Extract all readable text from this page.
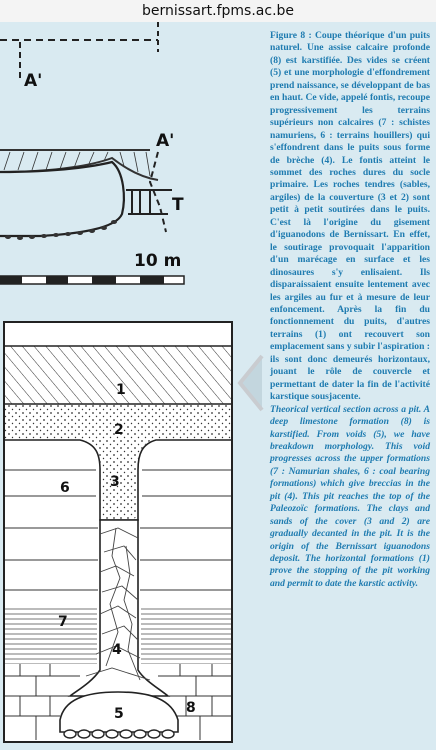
bernissart.fpms.ac.be
A'
A'
T
10 m
1
2
3
4
5
6
7
8

Figure 8 : Coupe théorique d'un puits naturel. Une assise calcaire profonde (8) est karstifiée. Des vides se créent (5) et une morphologie d'effondrement prend naissance, se développant de bas en haut. Ce vide, appelé fontis, recoupe progressivement les terrains supérieurs non calcaires (7 : schistes namuriens, 6 : terrains houillers) qui s'effondrent dans le puits sous forme de brèche (4). Le fontis atteint le sommet des roches dures du socle primaire. Les roches tendres (sables, argiles) de la couverture (3 et 2) sont petit à petit soutirées dans le puits. C'est là l'origine du gisement d'iguanodons de Bernissart. En effet, le soutirage provoquait l'apparition d'un marécage en surface et les dinosaures s'y enlisaient. Ils disparaissaient ensuite lentement avec les argiles au fur et à mesure de leur enfoncement. Après la fin du fonctionnement du puits, d'autres terrains (1) ont recouvert son emplacement sans y subir l'aspiration : ils sont donc demeurés horizontaux, jouant le rôle de couvercle et permettant de dater la fin de l'activité karstique sousjacente.

Theorical vertical section across a pit. A deep limestone formation (8) is karstified. From voids (5), we have breakdown morphology. This void progresses across the upper formations (7 : Namurian shales, 6 : coal bearing formations) which give breccias in the pit (4). This pit reaches the top of the Paleozoïc formations. The clays and sands of the cover (3 and 2) are gradually decanted in the pit. It is the origin of the Bernissart iguanodons deposit. The horizontal formations (1) prove the stopping of the pit working and permit to date the karstic activity.
